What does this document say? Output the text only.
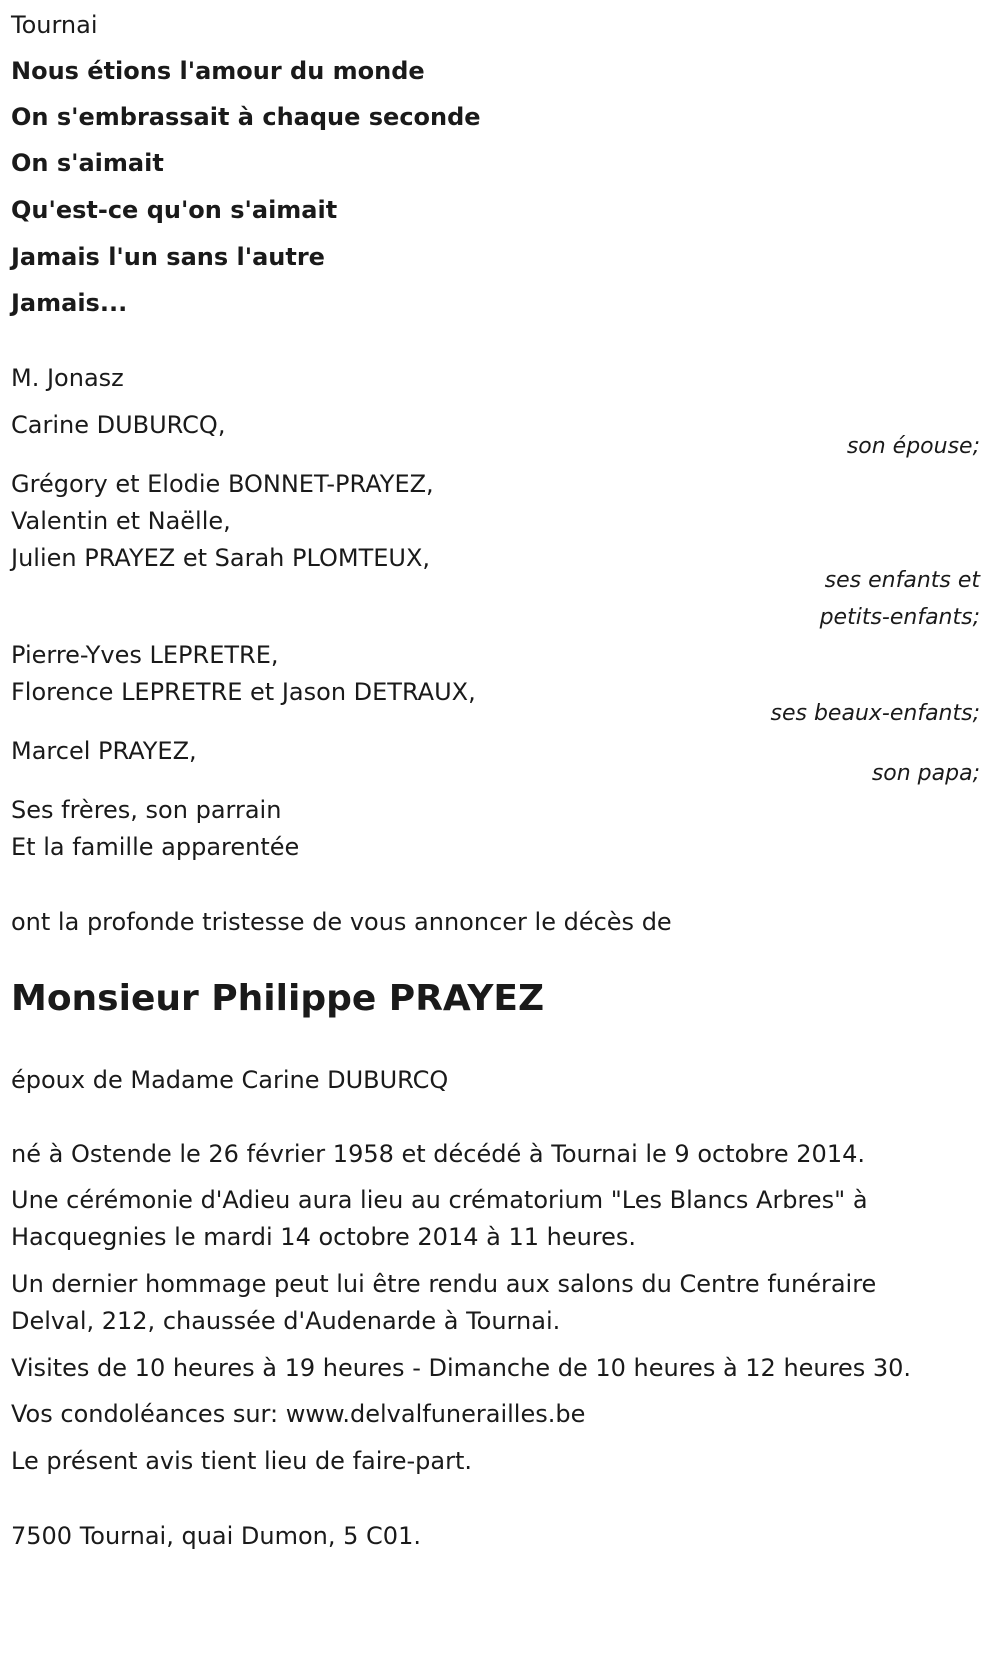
Tournai
Nous étions l'amour du monde
On s'embrassait à chaque seconde
On s'aimait
Qu'est-ce qu'on s'aimait
Jamais l'un sans l'autre
Jamais...
M. Jonasz
Carine DUBURCQ,
son épouse;
Grégory et Elodie BONNET-PRAYEZ,
Valentin et Naëlle,
Julien PRAYEZ et Sarah PLOMTEUX,
ses enfants et
petits-enfants;
Pierre-Yves LEPRETRE,
Florence LEPRETRE et Jason DETRAUX,
ses beaux-enfants;
Marcel PRAYEZ,
son papa;
Ses frères, son parrain
Et la famille apparentée
ont la profonde tristesse de vous annoncer le décès de
Monsieur Philippe PRAYEZ
époux de Madame Carine DUBURCQ
né à Ostende le 26 février 1958 et décédé à Tournai le 9 octobre 2014.
Une cérémonie d'Adieu aura lieu au crématorium "Les Blancs Arbres" à
Hacquegnies le mardi 14 octobre 2014 à 11 heures.
Un dernier hommage peut lui être rendu aux salons du Centre funéraire
Delval, 212, chaussée d'Audenarde à Tournai.
Visites de 10 heures à 19 heures - Dimanche de 10 heures à 12 heures 30.
Vos condoléances sur: www.delvalfunerailles.be
Le présent avis tient lieu de faire-part.
7500 Tournai, quai Dumon, 5 C01.
